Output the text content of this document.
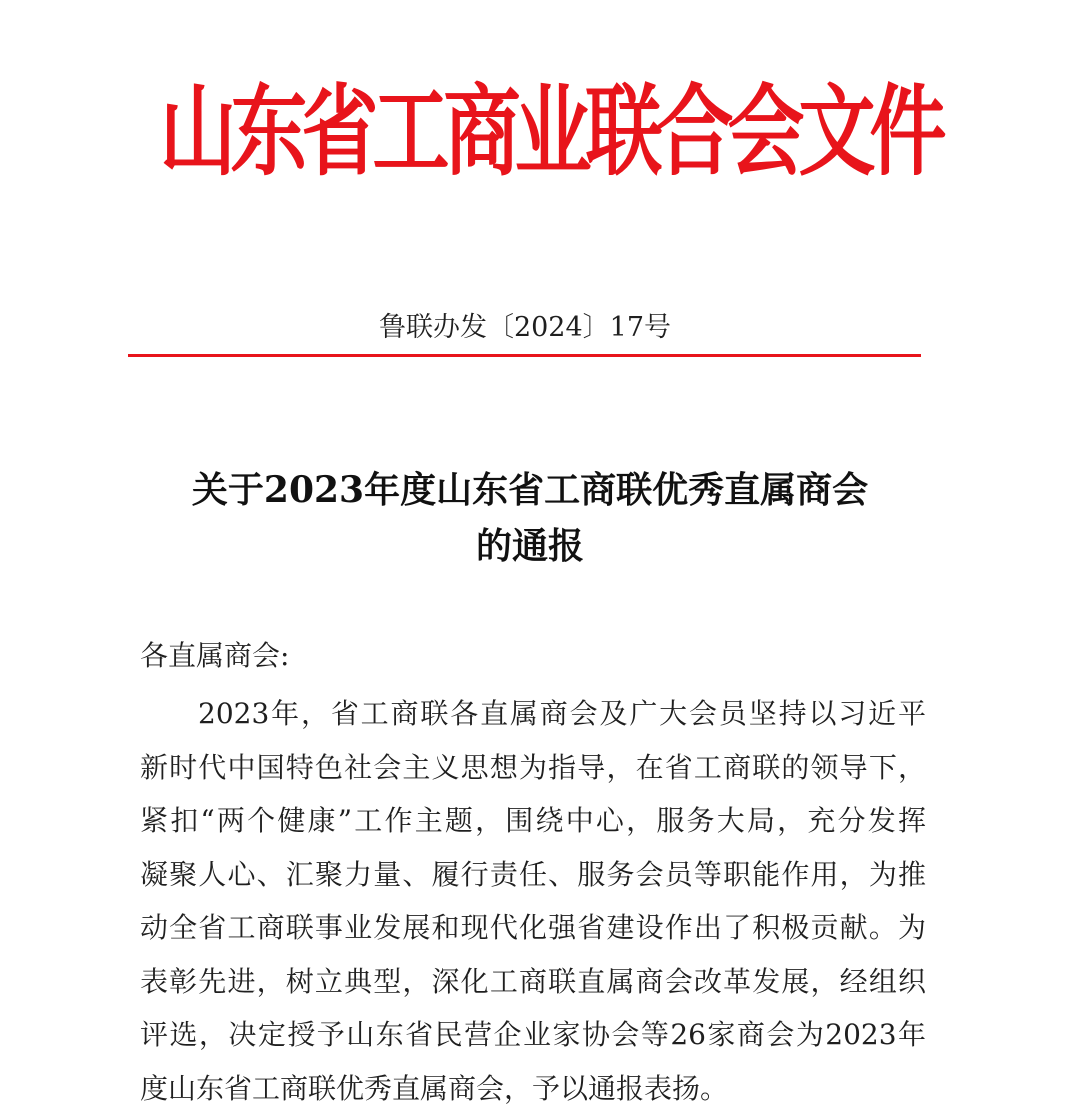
山东省工商业联合会文件
鲁联办发〔2024〕17号
关于2023年度山东省工商联优秀直属商会
的通报
各直属商会:
2023年，省工商联各直属商会及广大会员坚持以习近平
新时代中国特色社会主义思想为指导，在省工商联的领导下，
紧扣“两个健康”工作主题，围绕中心，服务大局，充分发挥
凝聚人心、汇聚力量、履行责任、服务会员等职能作用，为推
动全省工商联事业发展和现代化强省建设作出了积极贡献。为
表彰先进，树立典型，深化工商联直属商会改革发展，经组织
评选，决定授予山东省民营企业家协会等26家商会为2023年
度山东省工商联优秀直属商会，予以通报表扬。
